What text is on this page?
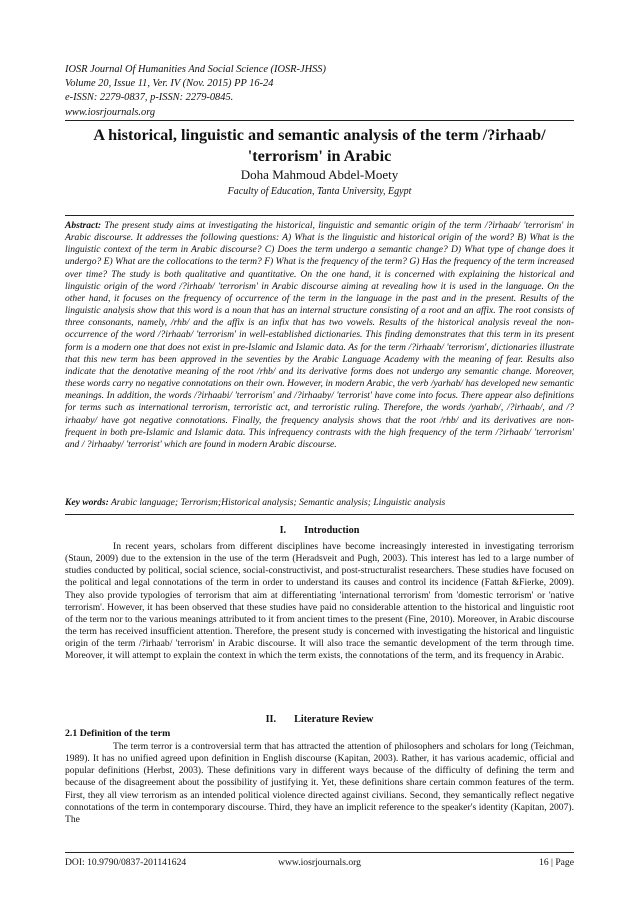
IOSR Journal Of Humanities And Social Science (IOSR-JHSS)
Volume 20, Issue 11, Ver. IV (Nov. 2015) PP 16-24
e-ISSN: 2279-0837, p-ISSN: 2279-0845.
www.iosrjournals.org
A historical, linguistic and semantic analysis of the term /?irhaab/
'terrorism' in Arabic
Doha Mahmoud Abdel-Moety
Faculty of Education, Tanta University, Egypt
Abstract: The present study aims at investigating the historical, linguistic and semantic origin of the term /?irhaab/ 'terrorism' in Arabic discourse. It addresses the following questions: A) What is the linguistic and historical origin of the word? B) What is the linguistic context of the term in Arabic discourse? C) Does the term undergo a semantic change? D) What type of change does it undergo? E) What are the collocations to the term? F) What is the frequency of the term? G) Has the frequency of the term increased over time? The study is both qualitative and quantitative. On the one hand, it is concerned with explaining the historical and linguistic origin of the word /?irhaab/ 'terrorism' in Arabic discourse aiming at revealing how it is used in the language. On the other hand, it focuses on the frequency of occurrence of the term in the language in the past and in the present. Results of the linguistic analysis show that this word is a noun that has an internal structure consisting of a root and an affix. The root consists of three consonants, namely, /rhb/ and the affix is an infix that has two vowels. Results of the historical analysis reveal the non-occurrence of the word /?irhaab/ 'terrorism' in well-established dictionaries. This finding demonstrates that this term in its present form is a modern one that does not exist in pre-Islamic and Islamic data. As for the term /?irhaab/ 'terrorism', dictionaries illustrate that this new term has been approved in the seventies by the Arabic Language Academy with the meaning of fear. Results also indicate that the denotative meaning of the root /rhb/ and its derivative forms does not undergo any semantic change. Moreover, these words carry no negative connotations on their own. However, in modern Arabic, the verb /yarhab/ has developed new semantic meanings. In addition, the words /?irhaabi/ 'terrorism' and /?irhaaby/ 'terrorist' have come into focus. There appear also definitions for terms such as international terrorism, terroristic act, and terroristic ruling. Therefore, the words /yarhab/, /?irhaab/, and /?irhaaby/ have got negative connotations. Finally, the frequency analysis shows that the root /rhb/ and its derivatives are non-frequent in both pre-Islamic and Islamic data. This infrequency contrasts with the high frequency of the term /?irhaab/ 'terrorism' and / ?irhaaby/ 'terrorist' which are found in modern Arabic discourse.
Key words: Arabic language; Terrorism;Historical analysis; Semantic analysis; Linguistic analysis
I. Introduction
In recent years, scholars from different disciplines have become increasingly interested in investigating terrorism (Staun, 2009) due to the extension in the use of the term (Heradsveit and Pugh, 2003). This interest has led to a large number of studies conducted by political, social science, social-constructivist, and post-structuralist researchers. These studies have focused on the political and legal connotations of the term in order to understand its causes and control its incidence (Fattah &Fierke, 2009). They also provide typologies of terrorism that aim at differentiating 'international terrorism' from 'domestic terrorism' or 'native terrorism'. However, it has been observed that these studies have paid no considerable attention to the historical and linguistic root of the term nor to the various meanings attributed to it from ancient times to the present (Fine, 2010). Moreover, in Arabic discourse the term has received insufficient attention. Therefore, the present study is concerned with investigating the historical and linguistic origin of the term /?irhaab/ 'terrorism' in Arabic discourse. It will also trace the semantic development of the term through time. Moreover, it will attempt to explain the context in which the term exists, the connotations of the term, and its frequency in Arabic.
II. Literature Review
2.1 Definition of the term
The term terror is a controversial term that has attracted the attention of philosophers and scholars for long (Teichman, 1989). It has no unified agreed upon definition in English discourse (Kapitan, 2003). Rather, it has various academic, official and popular definitions (Herbst, 2003). These definitions vary in different ways because of the difficulty of defining the term and because of the disagreement about the possibility of justifying it. Yet, these definitions share certain common features of the term. First, they all view terrorism as an intended political violence directed against civilians. Second, they semantically reflect negative connotations of the term in contemporary discourse. Third, they have an implicit reference to the speaker's identity (Kapitan, 2007). The
DOI: 10.9790/0837-201141624	www.iosrjournals.org	16 | Page
